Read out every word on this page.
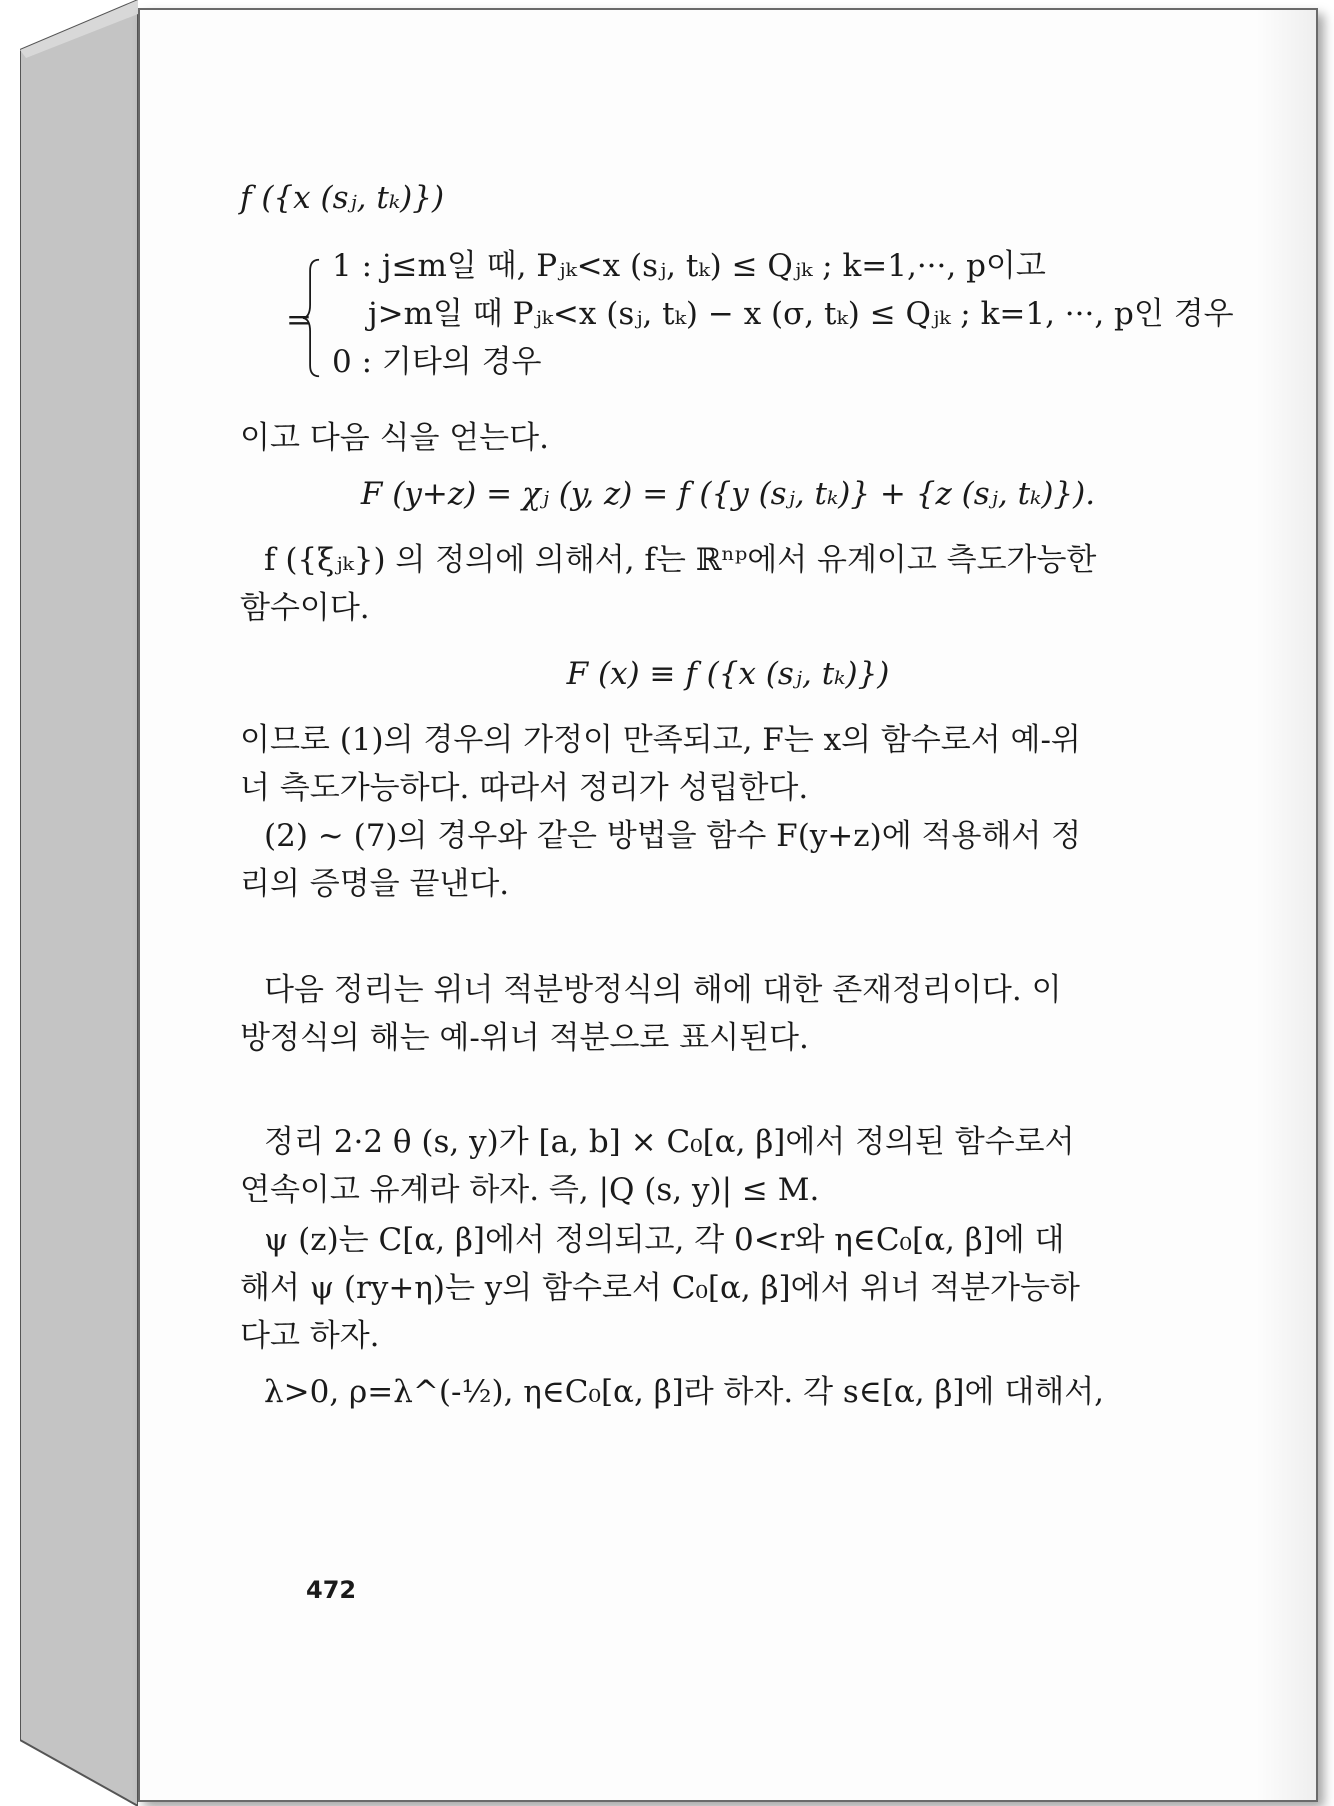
f ({x (sⱼ, tₖ)})
=
1 : j≤m일 때, Pⱼₖ<x (sⱼ, tₖ) ≤ Qⱼₖ ; k=1,···, p이고
j>m일 때 Pⱼₖ<x (sⱼ, tₖ) − x (σ, tₖ) ≤ Qⱼₖ ; k=1, ···, p인 경우
0 : 기타의 경우
이고 다음 식을 얻는다.
F (y+z) = χⱼ (y, z) = f ({y (sⱼ, tₖ)} + {z (sⱼ, tₖ)}).
f ({ξⱼₖ}) 의 정의에 의해서, f는 ℝⁿᵖ에서 유계이고 측도가능한
함수이다.
F (x) ≡ f ({x (sⱼ, tₖ)})
이므로 (1)의 경우의 가정이 만족되고, F는 x의 함수로서 예-위
너 측도가능하다. 따라서 정리가 성립한다.
(2) ~ (7)의 경우와 같은 방법을 함수 F(y+z)에 적용해서 정
리의 증명을 끝낸다.
다음 정리는 위너 적분방정식의 해에 대한 존재정리이다. 이
방정식의 해는 예-위너 적분으로 표시된다.
정리 2·2 θ (s, y)가 [a, b] × C₀[α, β]에서 정의된 함수로서
연속이고 유계라 하자. 즉, |Q (s, y)| ≤ M.
ψ (z)는 C[α, β]에서 정의되고, 각 0<r와 η∈C₀[α, β]에 대
해서 ψ (ry+η)는 y의 함수로서 C₀[α, β]에서 위너 적분가능하
다고 하자.
λ>0, ρ=λ^(-½), η∈C₀[α, β]라 하자. 각 s∈[α, β]에 대해서,
472
